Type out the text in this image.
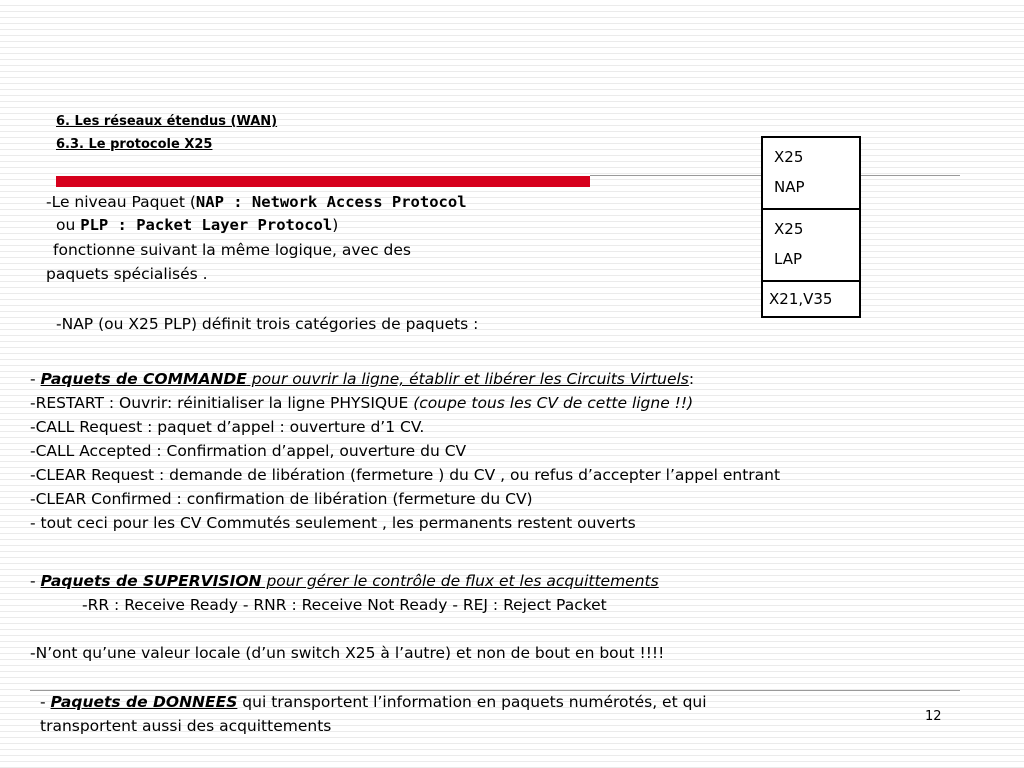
6. Les réseaux étendus (WAN)
6.3. Le protocole X25
-Le niveau Paquet (NAP : Network Access Protocol
ou PLP : Packet Layer Protocol)
fonctionne suivant la même logique, avec des
paquets spécialisés .
-NAP (ou X25 PLP) définit trois catégories de paquets :
X25
NAP
X25
LAP
X21,V35
- Paquets de COMMANDE pour ouvrir la ligne, établir et libérer les Circuits Virtuels:
-RESTART : Ouvrir: réinitialiser la ligne PHYSIQUE (coupe tous les CV de cette ligne !!)
-CALL Request : paquet d’appel : ouverture d’1 CV.
-CALL Accepted : Confirmation d’appel, ouverture du CV
-CLEAR Request : demande de libération (fermeture ) du CV , ou refus d’accepter l’appel entrant
-CLEAR Confirmed : confirmation de libération (fermeture du CV)
- tout ceci pour les CV Commutés seulement , les permanents restent ouverts
- Paquets de SUPERVISION pour gérer le contrôle de flux et les acquittements
-RR : Receive Ready - RNR : Receive Not Ready - REJ : Reject Packet
-N’ont qu’une valeur locale (d’un switch X25 à l’autre) et non de bout en bout !!!!
- Paquets de DONNEES qui transportent l’information en paquets numérotés, et qui
transportent aussi des acquittements
12
